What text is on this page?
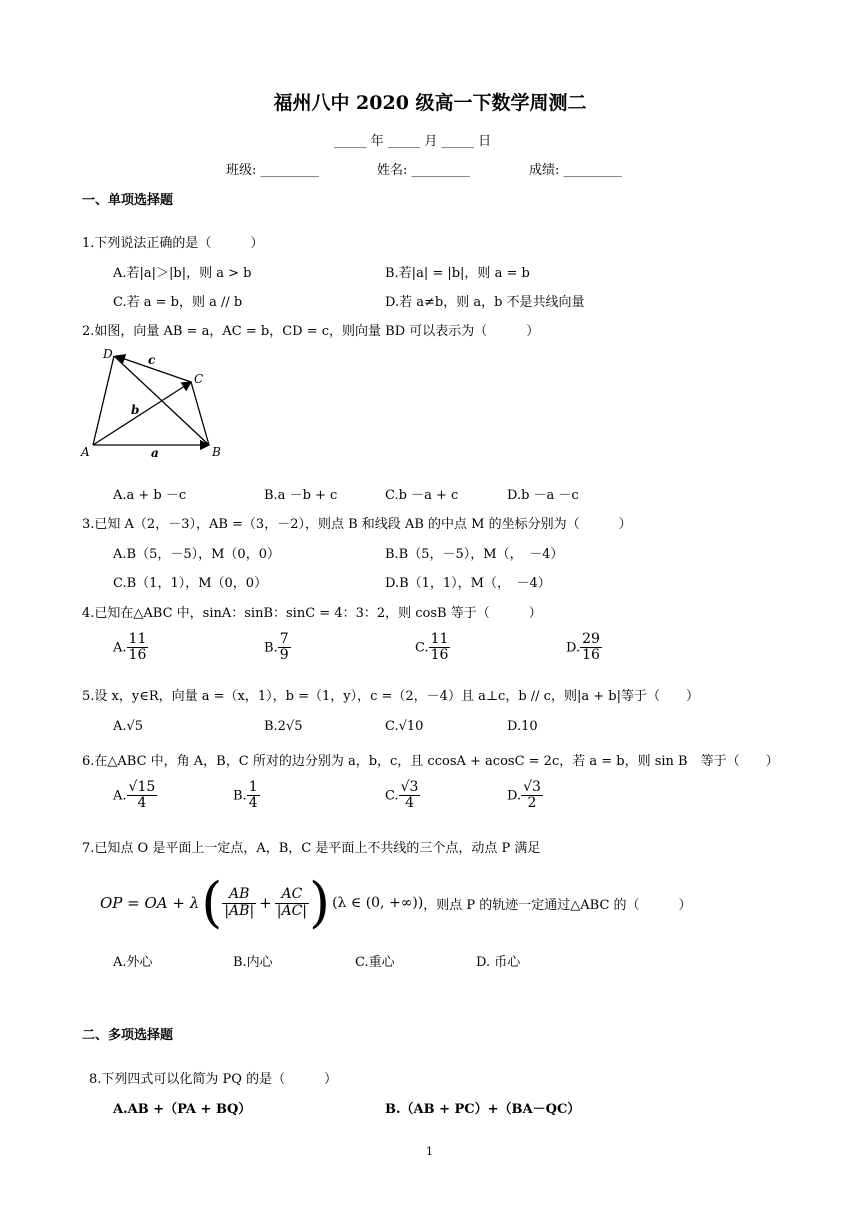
福州八中 2020 级高一下数学周测二
_____ 年 _____ 月 _____ 日
班级: _________	姓名: _________	成绩: _________
一、单项选择题
1.下列说法正确的是（　　　）
A.若|a|＞|b|，则 a > b	B.若|a| = |b|，则 a = b
C.若 a = b，则 a // b	D.若 a≠b，则 a，b 不是共线向量
2.如图，向量 AB = a，AC = b，CD = c，则向量 BD 可以表示为（　　　）
D
C
A	B
a
b
c
A.a + b －c	B.a －b + c	C.b －a + c	D.b －a －c
3.已知 A（2，－3），AB =（3，－2），则点 B 和线段 AB 的中点 M 的坐标分别为（　　　）
A.B（5，－5），M（0，0）	B.B（5，－5），M（，　－4）
C.B（1，1），M（0，0）	D.B（1，1），M（，　－4）
4.已知在△ABC 中，sinA：sinB：sinC = 4：3：2，则 cosB 等于（　　　）
A. $\frac{11}{16}$	B. $\frac{7}{9}$	C. $\frac{11}{16}$	D. $\frac{29}{16}$
5.设 x，y∈R，向量 a =（x，1），b =（1，y），c =（2，－4）且 a⊥c，b // c，则|a + b|等于（　　）
A.√5	B.2√5	C.√10	D.10
6.在△ABC 中，角 A，B，C 所对的边分别为 a，b，c，且 ccosA + acosC = 2c，若 a = b，则 sin B　等于（　　）
A. $\frac{√15}{4}$	B. $\frac{1}{4}$	C. $\frac{√3}{4}$	D. $\frac{√3}{2}$
7.已知点 O 是平面上一定点，A，B，C 是平面上不共线的三个点，动点 P 满足
OP = OA + λ ( $\frac{AB}{|AB|} + \frac{AC}{|AC|}$ ) (λ ∈ (0, +∞)) ，则点 P 的轨迹一定通过△ABC 的（　　　）
A.外心	B.内心	C.重心	D. 币心
二、多项选择题
8.下列四式可以化简为 PQ 的是（　　　）
A.AB +（PA + BQ）	B.（AB + PC）+（BA－QC）
1
